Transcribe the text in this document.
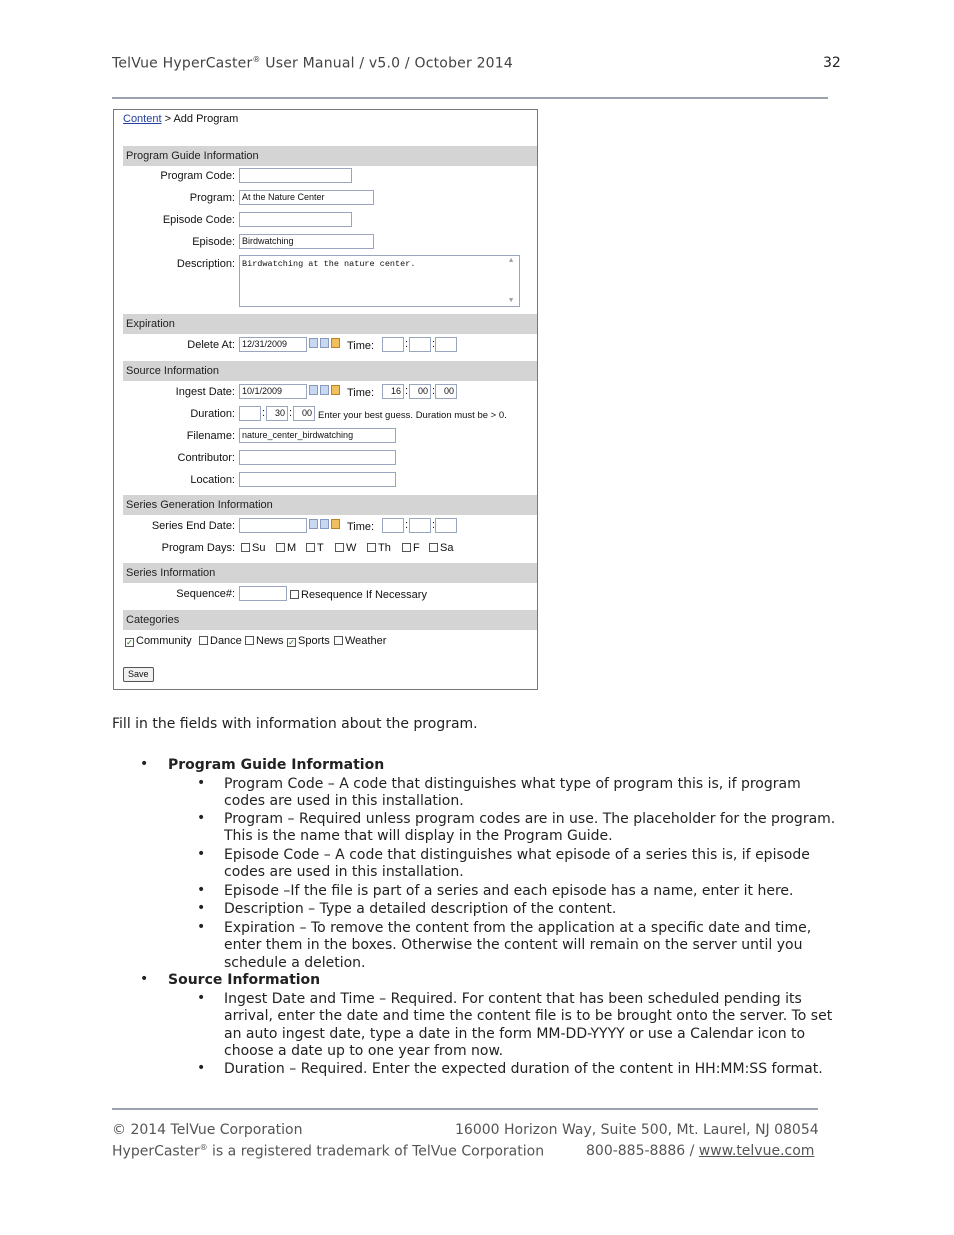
TelVue HyperCaster® User Manual / v5.0 / October 2014	32
Content > Add Program
Program Guide Information
Program Code:
Program: At the Nature Center
Episode Code:
Episode: Birdwatching
Description: Birdwatching at the nature center.	▲
▼
Expiration
Delete At: 12/31/2009	Time:	: :
Source Information
Ingest Date: 10/1/2009	Time:	16 :	00 : 00
Duration: :	30 :	00 Enter your best guess. Duration must be > 0.
Filename: nature_center_birdwatching
Contributor:
Location:
Series Generation Information
Series End Date:	Time:	: :
Program Days:	Su	M	T	W	Th	F	Sa
Series Information
Sequence#:	Resequence If Necessary
Categories
✓ Community	Dance	News ✓ Sports	Weather
Save
Fill in the fields with information about the program.
• Program Guide Information
• Program Code – A code that distinguishes what type of program this is, if program codes are used in this installation.
• Program – Required unless program codes are in use. The placeholder for the program. This is the name that will display in the Program Guide.
• Episode Code – A code that distinguishes what episode of a series this is, if episode codes are used in this installation.
• Episode –If the file is part of a series and each episode has a name, enter it here.
• Description – Type a detailed description of the content.
• Expiration – To remove the content from the application at a specific date and time, enter them in the boxes. Otherwise the content will remain on the server until you schedule a deletion.
• Source Information
• Ingest Date and Time – Required. For content that has been scheduled pending its arrival, enter the date and time the content file is to be brought onto the server. To set an auto ingest date, type a date in the form MM-DD-YYYY or use a Calendar icon to choose a date up to one year from now.
• Duration – Required. Enter the expected duration of the content in HH:MM:SS format.
© 2014 TelVue Corporation	16000 Horizon Way, Suite 500, Mt. Laurel, NJ 08054
HyperCaster® is a registered trademark of TelVue Corporation	800-885-8886 / www.telvue.com
